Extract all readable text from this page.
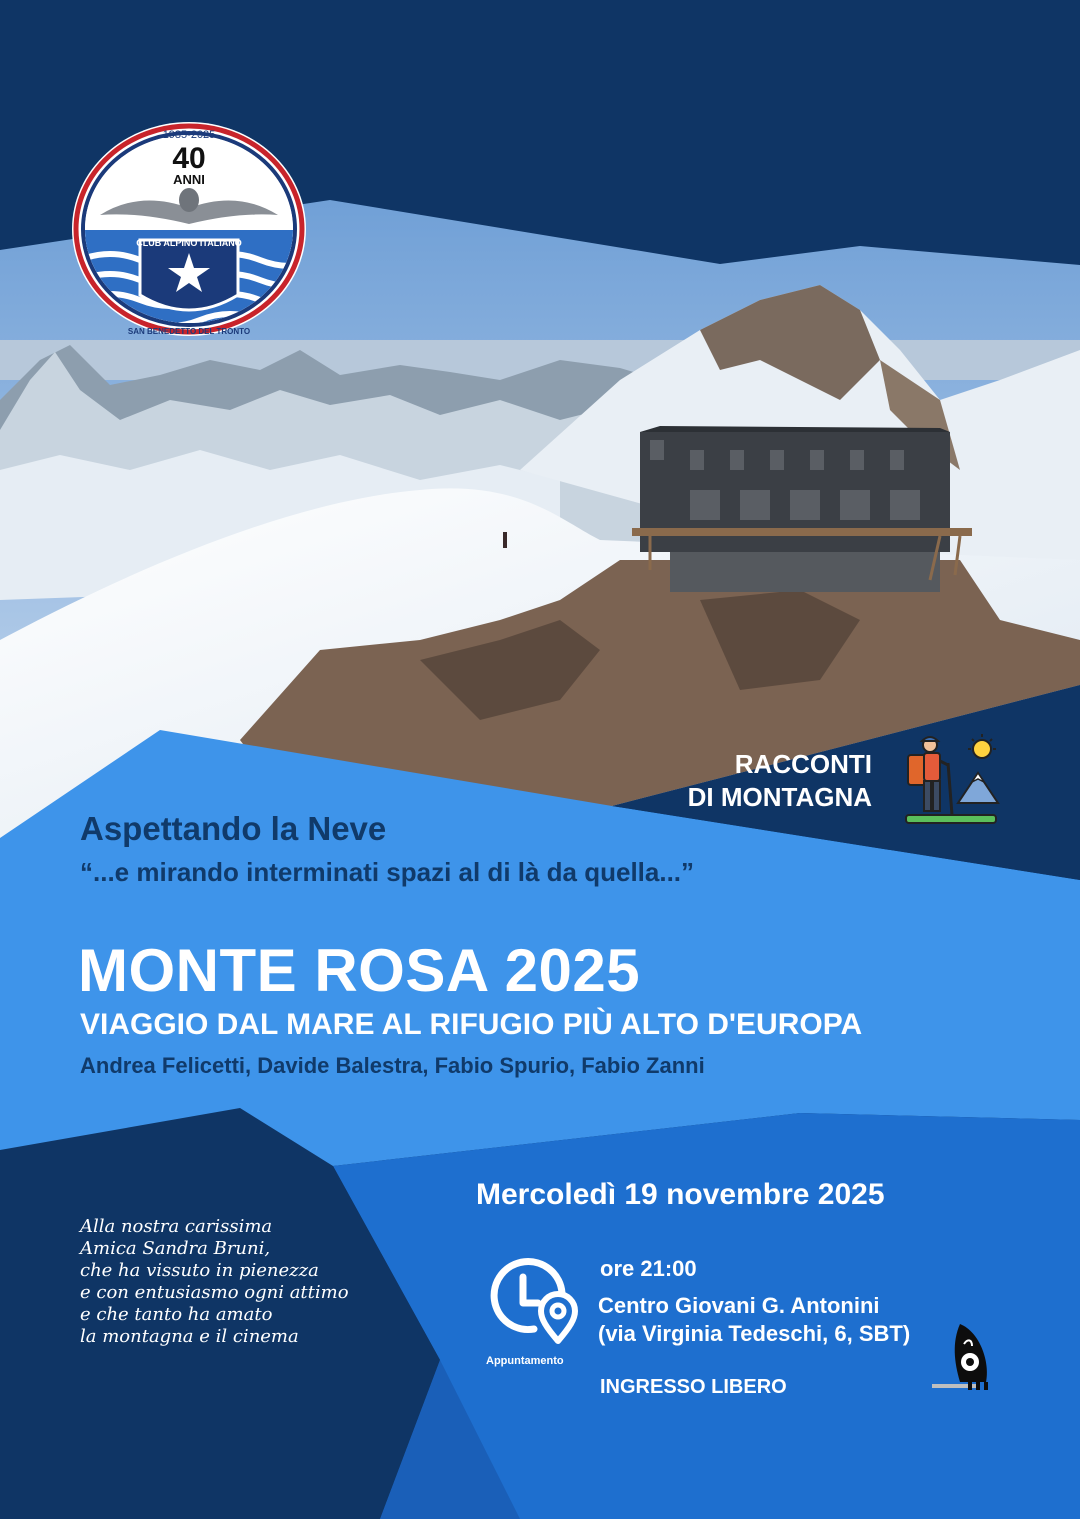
1985-2025
40
ANNI
CLUB ALPINO ITALIANO
SAN BENEDETTO DEL TRONTO
RACCONTI
DI MONTAGNA
Aspettando la Neve
“...e mirando interminati spazi al di là da quella...”
MONTE ROSA 2025
VIAGGIO DAL MARE AL RIFUGIO PIÙ ALTO D'EUROPA
Andrea Felicetti, Davide Balestra, Fabio Spurio, Fabio Zanni
Mercoledì 19 novembre 2025
Alla nostra carissima
Amica Sandra Bruni,
che ha vissuto in pienezza
e con entusiasmo ogni attimo
e che tanto ha amato
la montagna e il cinema
Appuntamento
ore 21:00
Centro Giovani G. Antonini
(via Virginia Tedeschi, 6, SBT)
INGRESSO LIBERO
